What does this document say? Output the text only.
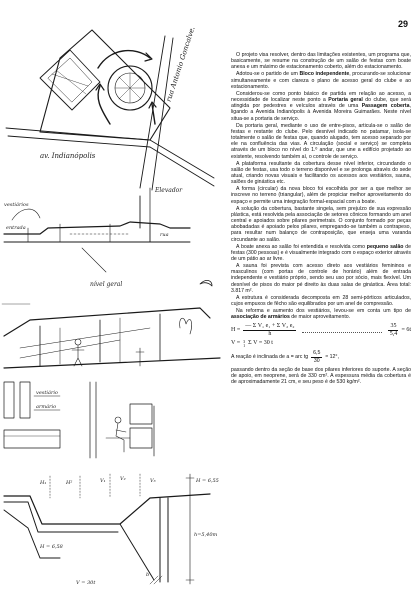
29
rua Antonio Goncalves
av. Indianópolis
Elevador
vestiários
entrada
rua
nível geral
vestiário
armário
H₁	H²	V₁	V₂	V₃	H = 6,55
h=5,40m
H = 6,58
V = 30t
b

O projeto visa resolver, dentro das limitações existentes, um programa que, basicamente, se resume na construção de um salão de festas com boate anexa e um máximo de estacionamento coberto, além do estacionamento.

Adotou-se o partido de um Bloco independente, procurando-se solucionar simultaneamente e com clareza o plano de acesso geral do clube e ao estacionamento.

Considerou-se como ponto básico de partida em relação ao acesso, a necessidade de localizar neste ponto a Portaria geral do clube, que será atingida por pedestres e veículos através de uma Passagem coberta, ligando a Avenida Indianópolis à Avenida Moreira Guimarães. Neste nível situa-se a portaria de serviço.

Da portaria geral, mediante o uso de entre-pisos, articula-se o salão de festas e restante do clube. Pelo desnível indicado no patamar, isola-se totalmente o salão de festas que, quando alugado, tem acesso separado por ele na confluência das vias. A circulação (social e serviço) se completa através de um bloco no nível do 1.º andar, que une a edifício projetado ao existente, resolvendo também aí, o controle de serviço.

A plataforma resultante da cobertura desse nível inferior, circundando o salão de festas, usa todo o terreno disponível e se prolonga através do sede atual, criando novas visuais e facilitando os acessos aos vestiários, sauna, salões de ginástica etc.

A forma (circular) da nova bloco foi escolhida por ser a que melhor se inscreve no terreno (triangular), além de propiciar melhor aproveitamento do espaço e permite uma integração formal-espacial com a boate.

A solução da cobertura, bastante singela, sem prejuízo de sua expressão plástica, está resolvida pela associação de setores cônicos formando um anel central e apoiados sobre pilares perimetrais. O conjunto formado por peças abobadadas é apoiado pelos pilares, empregando-se também a contrapeso, para resultar num balanço de contraposição, que enseja uma varanda circundante ao salão.

A boate anexa ao salão foi entendida e resolvida como pequeno salão de festas (300 pessoas) e é visualmente integrado com o espaço exterior através de um pátio ao ar livre.

A sauna foi prevista com acesso direto aos vestiários femininos e masculinos (com portas de controle de horário) além de entrada independente e vestiário próprio, sendo seu uso por sócio, mais flexível. Um desnível de pisos do maior pé direito às duas salas de ginástica. Área total: 3.817 m².

A estrutura é considerada decomposta em 28 semi-pórticos articulados, cujos empuxos de fêcho são equilibrados por um anel de compressão.

Na reforma e aumento dos vestiários, levou-se em conta um tipo de associação de armários de maior aproveitamento.

$H = \frac{\text{— Σ V₁ e₁ + Σ V₂ e₂}}{h}$	$\frac{35}{5,4} = 6t$
V = 3
1 Σ V = 30 t
A reação é inclinada de a = arc tg $\frac{6,5}{30} \approx 12^\circ$,

passando dentro da seção de base dos pilares inferiores do suporte. A seção de apoio, em neoprene, será de 330 cm². A espessura média da cobertura é de aproximadamente 21 cm, e seu peso é de 530 kg/m².
